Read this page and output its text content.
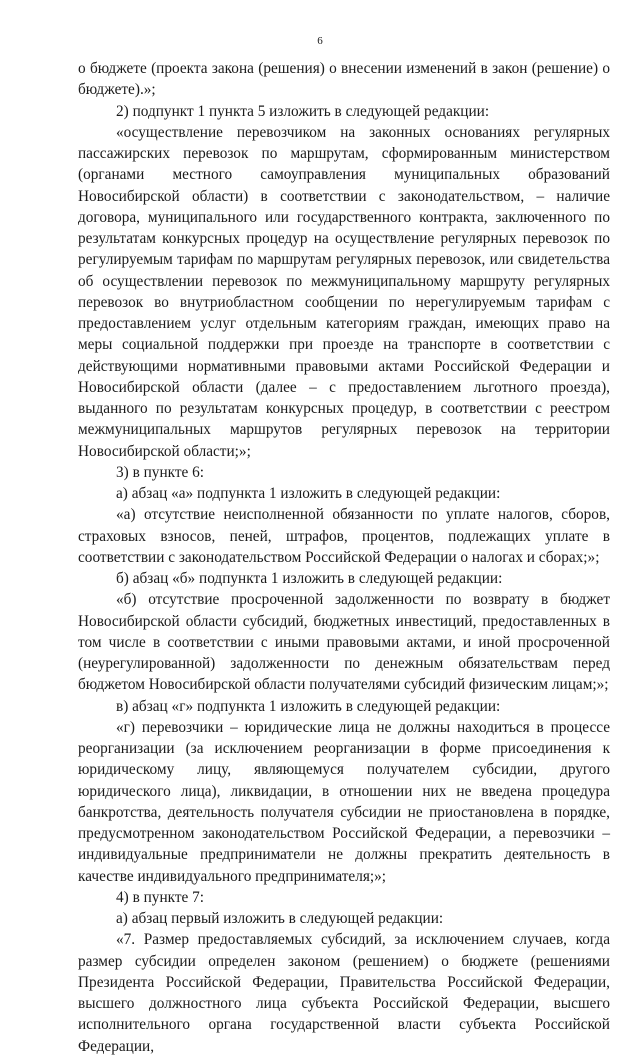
6

о бюджете (проекта закона (решения) о внесении изменений в закон (решение) о бюджете).»;

2) подпункт 1 пункта 5 изложить в следующей редакции:

«осуществление перевозчиком на законных основаниях регулярных пассажирских перевозок по маршрутам, сформированным министерством (органами местного самоуправления муниципальных образований Новосибирской области) в соответствии с законодательством, – наличие договора, муниципального или государственного контракта, заключенного по результатам конкурсных процедур на осуществление регулярных перевозок по регулируемым тарифам по маршрутам регулярных перевозок, или свидетельства об осуществлении перевозок по межмуниципальному маршруту регулярных перевозок во внутриобластном сообщении по нерегулируемым тарифам с предоставлением услуг отдельным категориям граждан, имеющих право на меры социальной поддержки при проезде на транспорте в соответствии с действующими нормативными правовыми актами Российской Федерации и Новосибирской области (далее – с предоставлением льготного проезда), выданного по результатам конкурсных процедур, в соответствии с реестром межмуниципальных маршрутов регулярных перевозок на территории Новосибирской области;»;

3) в пункте 6:

а) абзац «а» подпункта 1 изложить в следующей редакции:

«а) отсутствие неисполненной обязанности по уплате налогов, сборов, страховых взносов, пеней, штрафов, процентов, подлежащих уплате в соответствии с законодательством Российской Федерации о налогах и сборах;»;

б) абзац «б» подпункта 1 изложить в следующей редакции:

«б) отсутствие просроченной задолженности по возврату в бюджет Новосибирской области субсидий, бюджетных инвестиций, предоставленных в том числе в соответствии с иными правовыми актами, и иной просроченной (неурегулированной) задолженности по денежным обязательствам перед бюджетом Новосибирской области получателями субсидий физическим лицам;»;

в) абзац «г» подпункта 1 изложить в следующей редакции:

«г) перевозчики – юридические лица не должны находиться в процессе реорганизации (за исключением реорганизации в форме присоединения к юридическому лицу, являющемуся получателем субсидии, другого юридического лица), ликвидации, в отношении них не введена процедура банкротства, деятельность получателя субсидии не приостановлена в порядке, предусмотренном законодательством Российской Федерации, а перевозчики – индивидуальные предприниматели не должны прекратить деятельность в качестве индивидуального предпринимателя;»;

4) в пункте 7:

а) абзац первый изложить в следующей редакции:

«7. Размер предоставляемых субсидий, за исключением случаев, когда размер субсидии определен законом (решением) о бюджете (решениями Президента Российской Федерации, Правительства Российской Федерации, высшего должностного лица субъекта Российской Федерации, высшего исполнительного органа государственной власти субъекта Российской Федерации,
